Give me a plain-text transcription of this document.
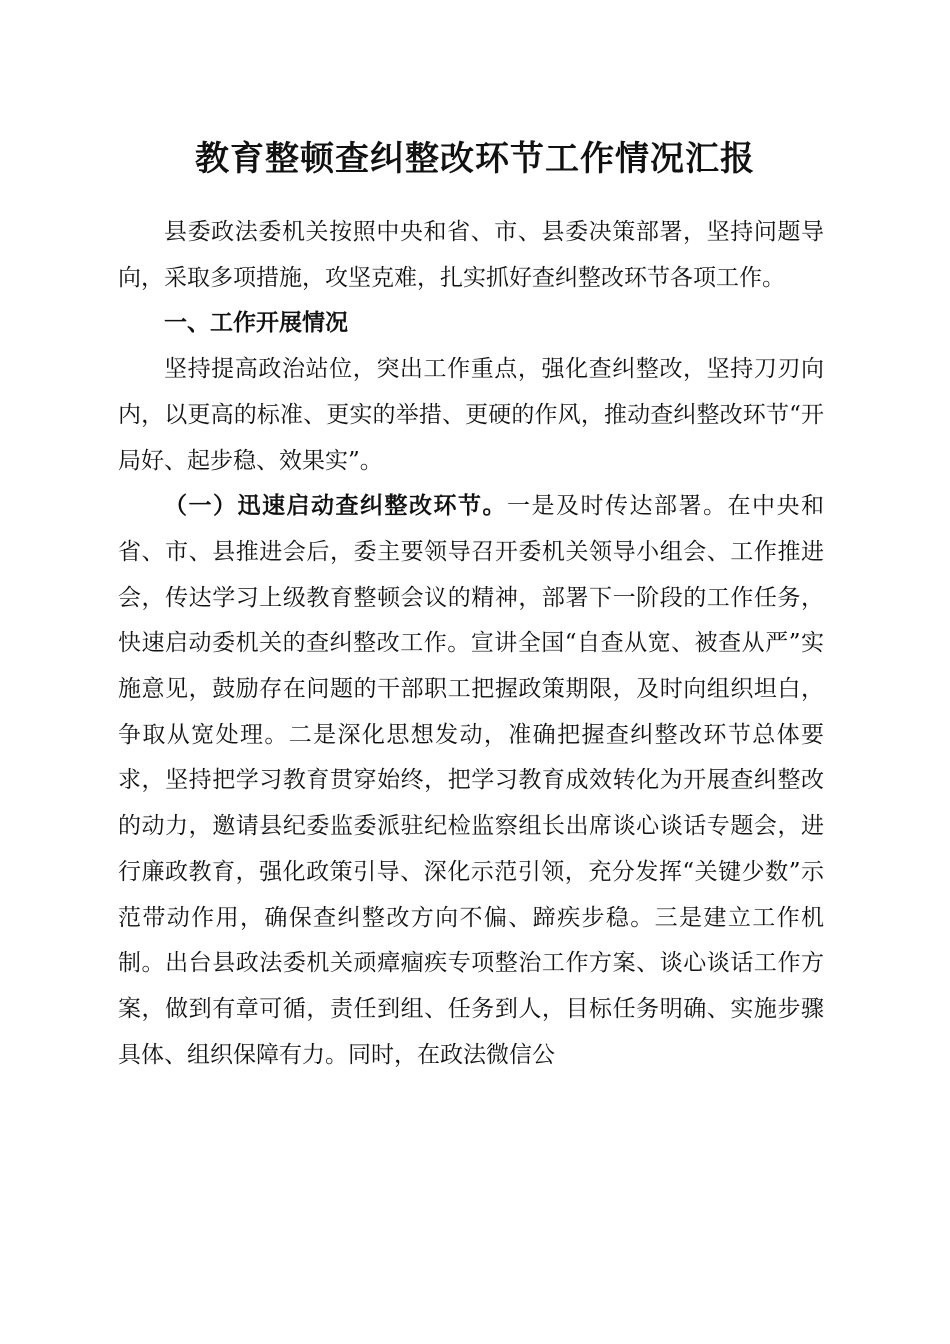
教育整顿查纠整改环节工作情况汇报

县委政法委机关按照中央和省、市、县委决策部署，坚持问题导向，采取多项措施，攻坚克难，扎实抓好查纠整改环节各项工作。

一、工作开展情况

坚持提高政治站位，突出工作重点，强化查纠整改，坚持刀刃向内，以更高的标准、更实的举措、更硬的作风，推动查纠整改环节“开局好、起步稳、效果实”。

（一）迅速启动查纠整改环节。一是及时传达部署。在中央和省、市、县推进会后，委主要领导召开委机关领导小组会、工作推进会，传达学习上级教育整顿会议的精神，部署下一阶段的工作任务，快速启动委机关的查纠整改工作。宣讲全国“自查从宽、被查从严”实施意见，鼓励存在问题的干部职工把握政策期限，及时向组织坦白，争取从宽处理。二是深化思想发动，准确把握查纠整改环节总体要求，坚持把学习教育贯穿始终，把学习教育成效转化为开展查纠整改的动力，邀请县纪委监委派驻纪检监察组长出席谈心谈话专题会，进行廉政教育，强化政策引导、深化示范引领，充分发挥“关键少数”示范带动作用，确保查纠整改方向不偏、蹄疾步稳。三是建立工作机制。出台县政法委机关顽瘴痼疾专项整治工作方案、谈心谈话工作方案，做到有章可循，责任到组、任务到人，目标任务明确、实施步骤具体、组织保障有力。同时，在政法微信公
